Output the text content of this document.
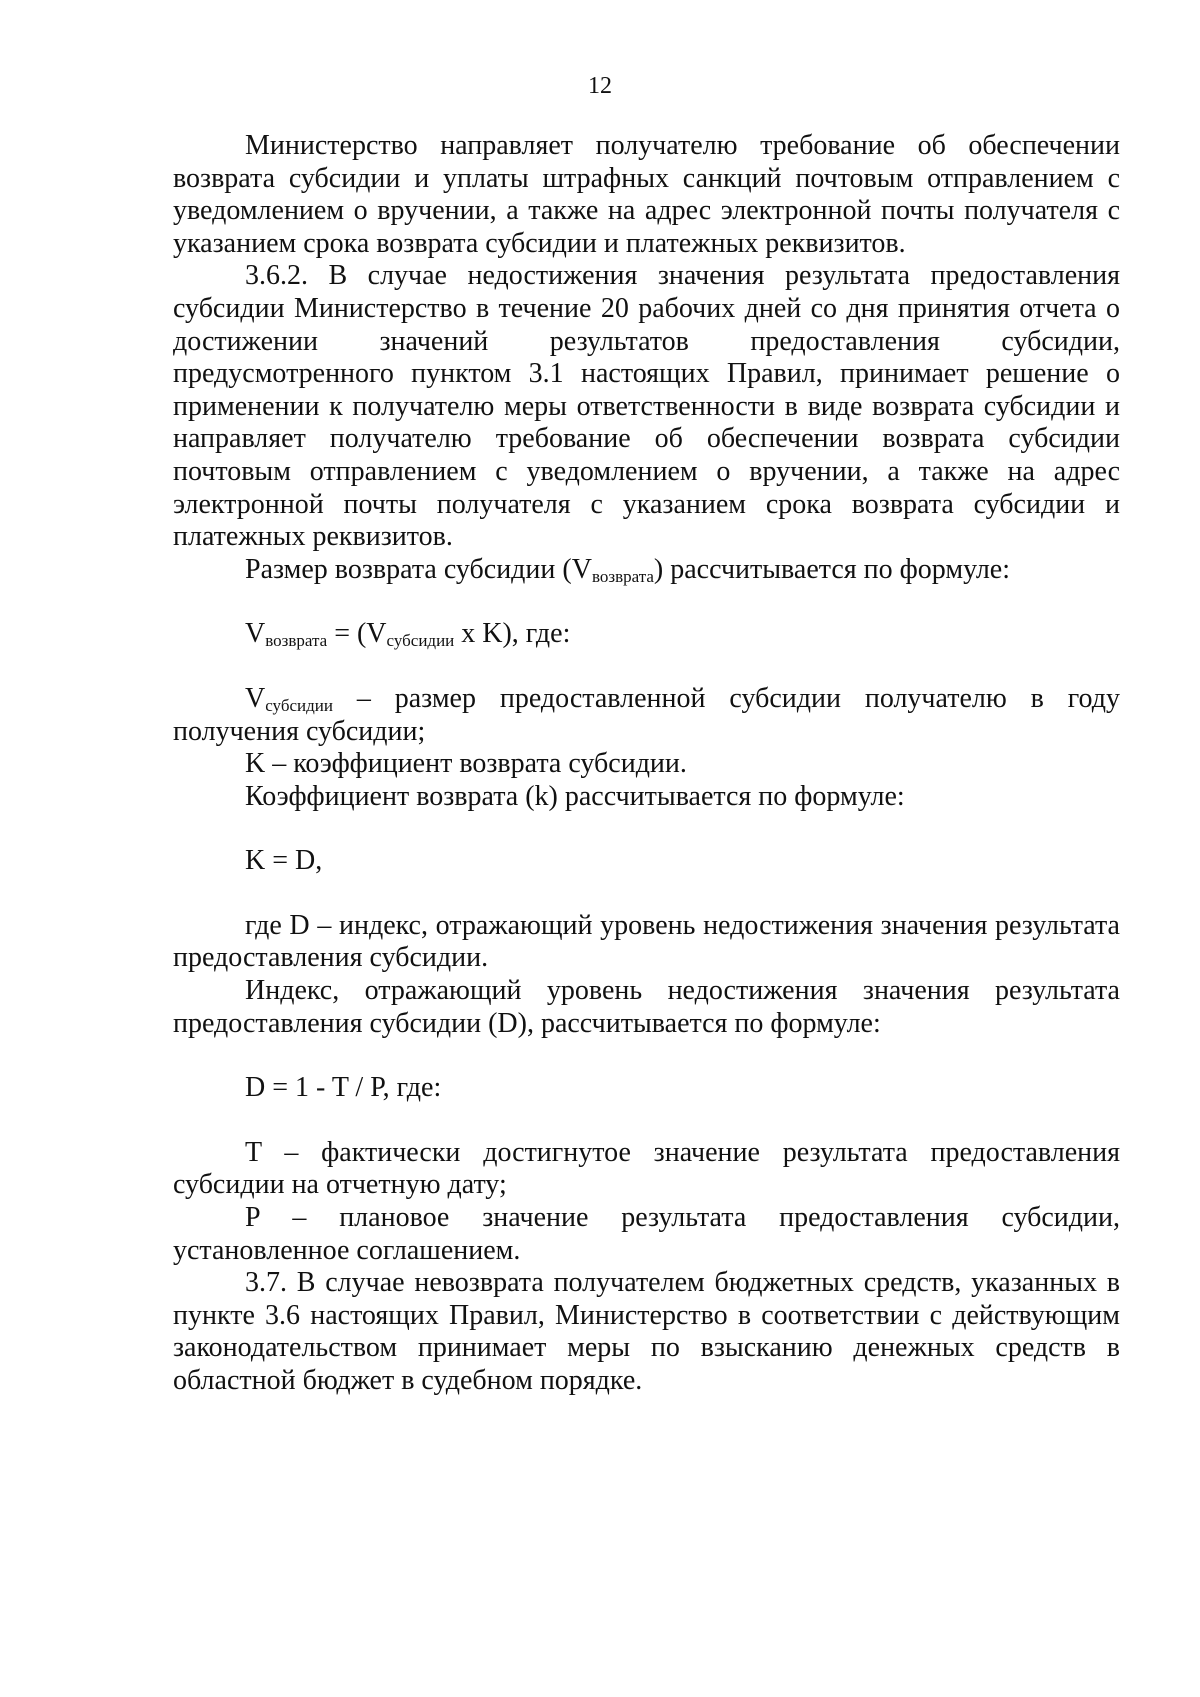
12

Министерство направляет получателю требование об обеспечении возврата субсидии и уплаты штрафных санкций почтовым отправлением с уведомлением о вручении, а также на адрес электронной почты получателя с указанием срока возврата субсидии и платежных реквизитов.

3.6.2. В случае недостижения значения результата предоставления субсидии Министерство в течение 20 рабочих дней со дня принятия отчета о достижении значений результатов предоставления субсидии, предусмотренного пунктом 3.1 настоящих Правил, принимает решение о применении к получателю меры ответственности в виде возврата субсидии и направляет получателю требование об обеспечении возврата субсидии почтовым отправлением с уведомлением о вручении, а также на адрес электронной почты получателя с указанием срока возврата субсидии и платежных реквизитов.

Размер возврата субсидии $(V_{возврата})$ рассчитывается по формуле:

$V_{возврата} = (V_{субсидии}$ x K), где:

$V_{субсидии}$ – размер предоставленной субсидии получателю в году получения субсидии;

K – коэффициент возврата субсидии.

Коэффициент возврата (k) рассчитывается по формуле:

K = D,

где D – индекс, отражающий уровень недостижения значения результата предоставления субсидии.

Индекс, отражающий уровень недостижения значения результата предоставления субсидии (D), рассчитывается по формуле:

D = 1 - T / P, где:

T – фактически достигнутое значение результата предоставления субсидии на отчетную дату;

P – плановое значение результата предоставления субсидии, установленное соглашением.

3.7. В случае невозврата получателем бюджетных средств, указанных в пункте 3.6 настоящих Правил, Министерство в соответствии с действующим законодательством принимает меры по взысканию денежных средств в областной бюджет в судебном порядке.
